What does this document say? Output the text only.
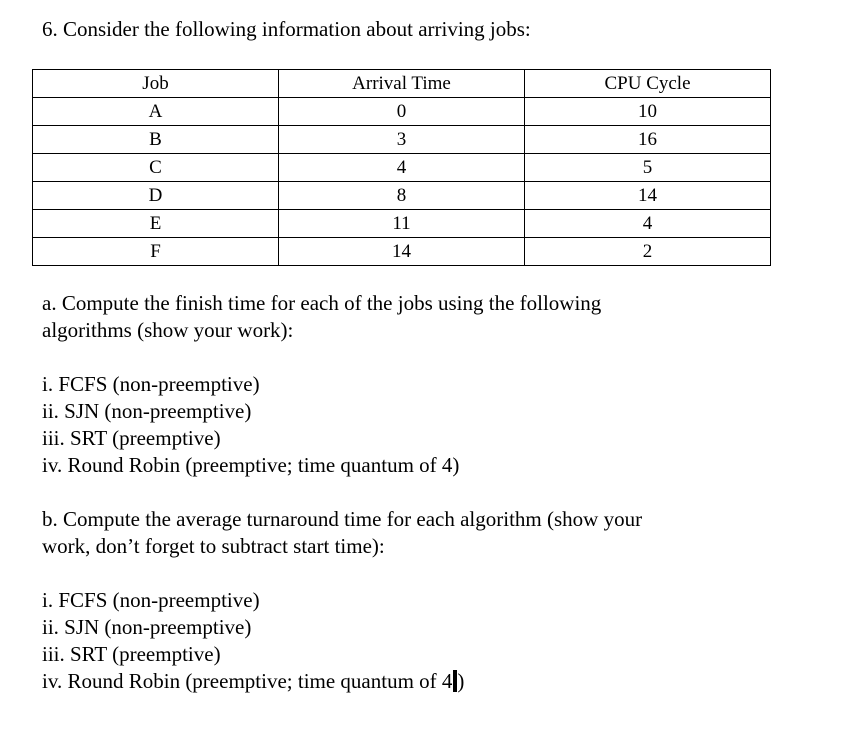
6. Consider the following information about arriving jobs:
Job	Arrival Time	CPU Cycle
A	0	10
B	3	16
C	4	5
D	8	14
E	11	4
F	14	2
a. Compute the finish time for each of the jobs using the following
algorithms (show your work):
i. FCFS (non-preemptive)
ii. SJN (non-preemptive)
iii. SRT (preemptive)
iv. Round Robin (preemptive; time quantum of 4)
b. Compute the average turnaround time for each algorithm (show your
work, don’t forget to subtract start time):
i. FCFS (non-preemptive)
ii. SJN (non-preemptive)
iii. SRT (preemptive)
iv. Round Robin (preemptive; time quantum of 4 )
